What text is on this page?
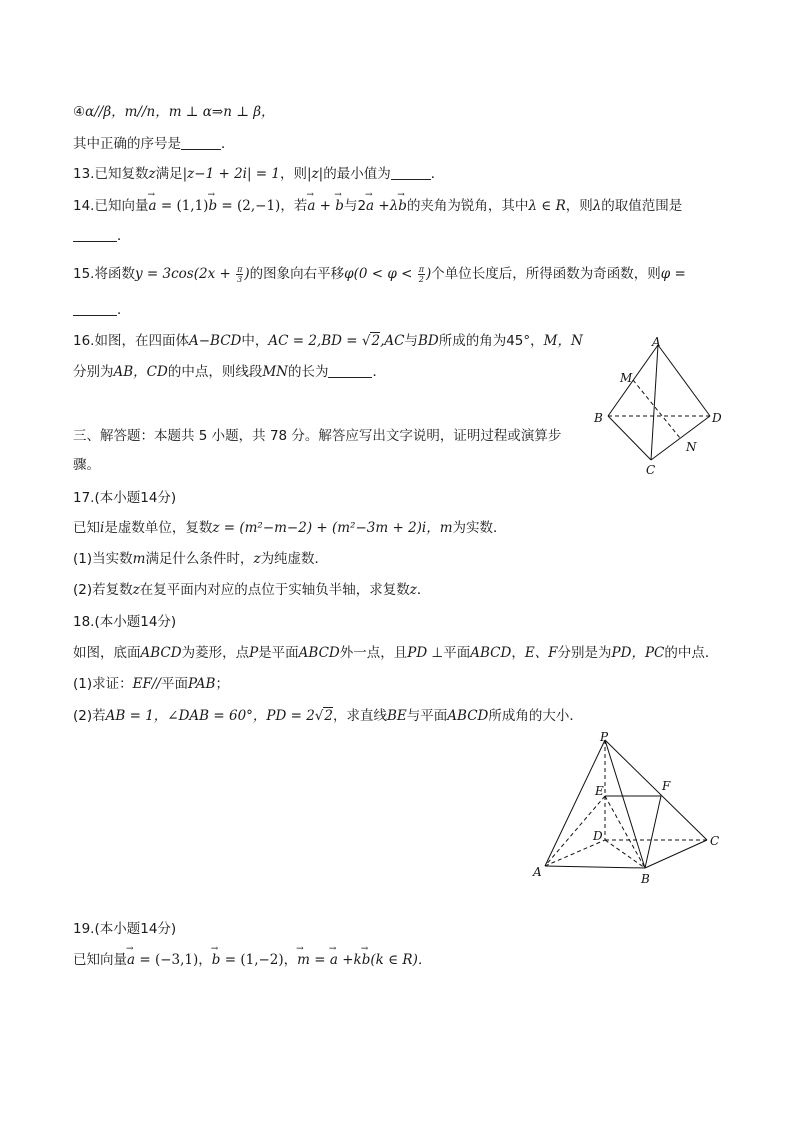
④α//β，m//n，m ⊥ α⇒n ⊥ β，
其中正确的序号是	．
13.已知复数z满足|z−1 + 2i| = 1，则|z|的最小值为	．
14.已知向量→ a = (1,1)→ b = (2,−1)，若→ a + → b与2→ a +λ→ b的夹角为锐角，其中λ ∈ R，则λ的取值范围是
．
15.将函数$y = 3\cos(2x + \frac{\pi}{3}$ )的图象向右平移$\varphi(0 < \varphi < \frac{\pi}{2}$ )个单位长度后，所得函数为奇函数，则φ =
．
16.如图，在四面体A−BCD中，AC = 2,BD = √2,AC与BD所成的角为45°，M，N
分别为AB，CD的中点，则线段MN的长为	．
A
B
C
D
M
N
三、解答题：本题共 5 小题，共 78 分。解答应写出文字说明，证明过程或演算步
骤。
17.(本小题14分)
已知i是虚数单位，复数z = (m²−m−2) + (m²−3m + 2)i，m为实数．
(1)当实数m满足什么条件时，z为纯虚数．
(2)若复数z在复平面内对应的点位于实轴负半轴，求复数z．
18.(本小题14分)
如图，底面ABCD为菱形，点P是平面ABCD外一点，且PD ⊥平面ABCD，E、F分别是为PD，PC的中点．
(1)求证：EF//平面PAB；
(2)若AB = 1，∠DAB = 60°，PD = 2√2，求直线BE与平面ABCD所成角的大小．
P
E	F
D	C
A	B
19.(本小题14分)
已知向量→ a = (−3,1)，→ b = (1,−2)，→ m = → a +k→ b(k ∈ R)．
